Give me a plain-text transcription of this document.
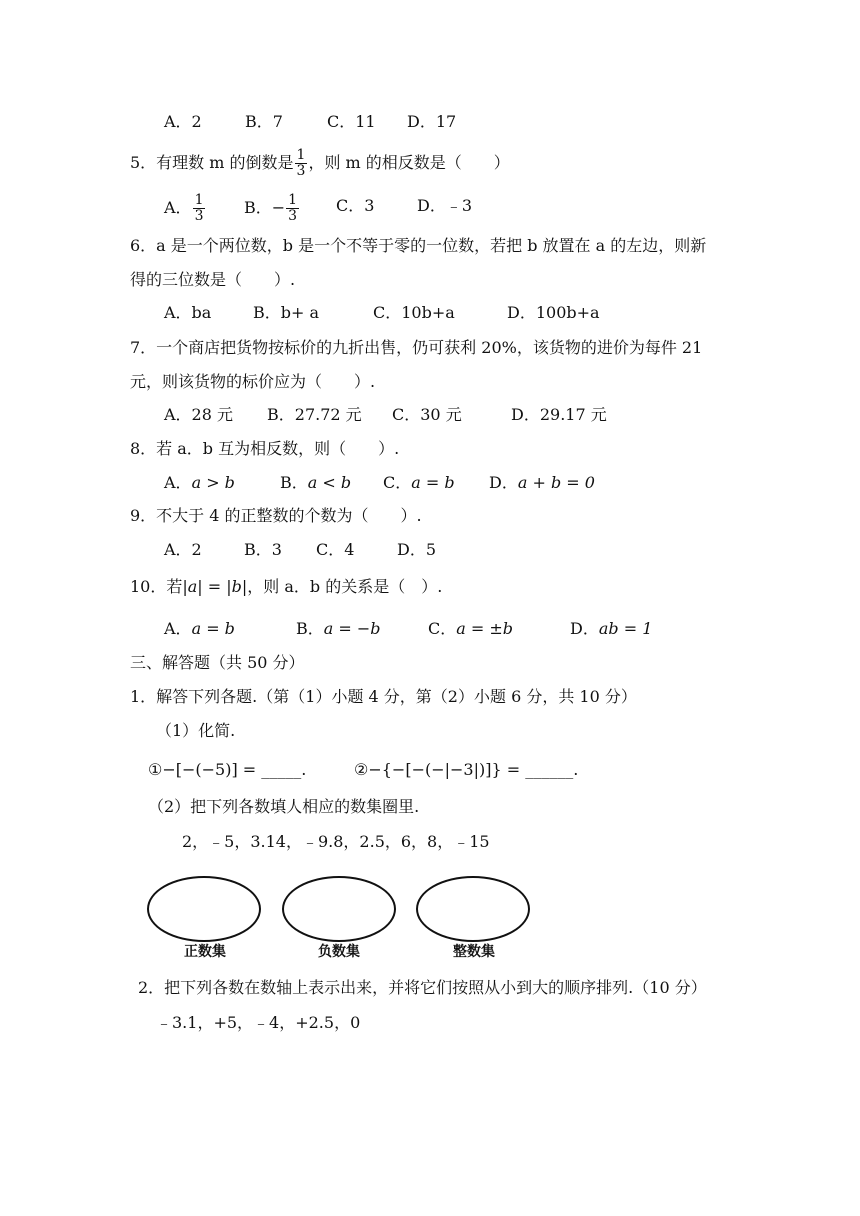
A．2	B．7	C．11 D．17
5．有理数 m 的倒数是 $\frac{1}{3}$ ，则 m 的相反数是（　　）
A． $\frac{1}{3}$ B．− $\frac{1}{3}$ C．3	D．﹣3
6．a 是一个两位数，b 是一个不等于零的一位数，若把 b 放置在 a 的左边，则新
得的三位数是（　　）.
A．ba	B．b+ a	C．10b+a	D．100b+a
7．一个商店把货物按标价的九折出售，仍可获利 20%，该货物的进价为每件 21
元，则该货物的标价应为（　　）.
A．28 元 B．27.72 元 C．30 元	D．29.17 元
8．若 a．b 互为相反数，则（　　）.
A．a > b	B．a < b C．a = b D．a + b = 0
9．不大于 4 的正整数的个数为（　　）.
A．2	B．3 C．4	D．5
10．若|a| = |b|，则 a．b 的关系是（　）.
A．a = b	B．a = −b	C．a = ±b	D．ab = 1
三、解答题（共 50 分）
1．解答下列各题.（第（1）小题 4 分，第（2）小题 6 分，共 10 分）
（1）化简.
①−[−(−5)] = _____.	②−{−[−(−|−3|)]} = ______.
（2）把下列各数填人相应的数集圈里.
2，﹣5，3.14，﹣9.8，2.5，6，8，﹣15
正数集	负数集	整数集
2．把下列各数在数轴上表示出来，并将它们按照从小到大的顺序排列.（10 分）
﹣3.1，+5，﹣4，+2.5，0
